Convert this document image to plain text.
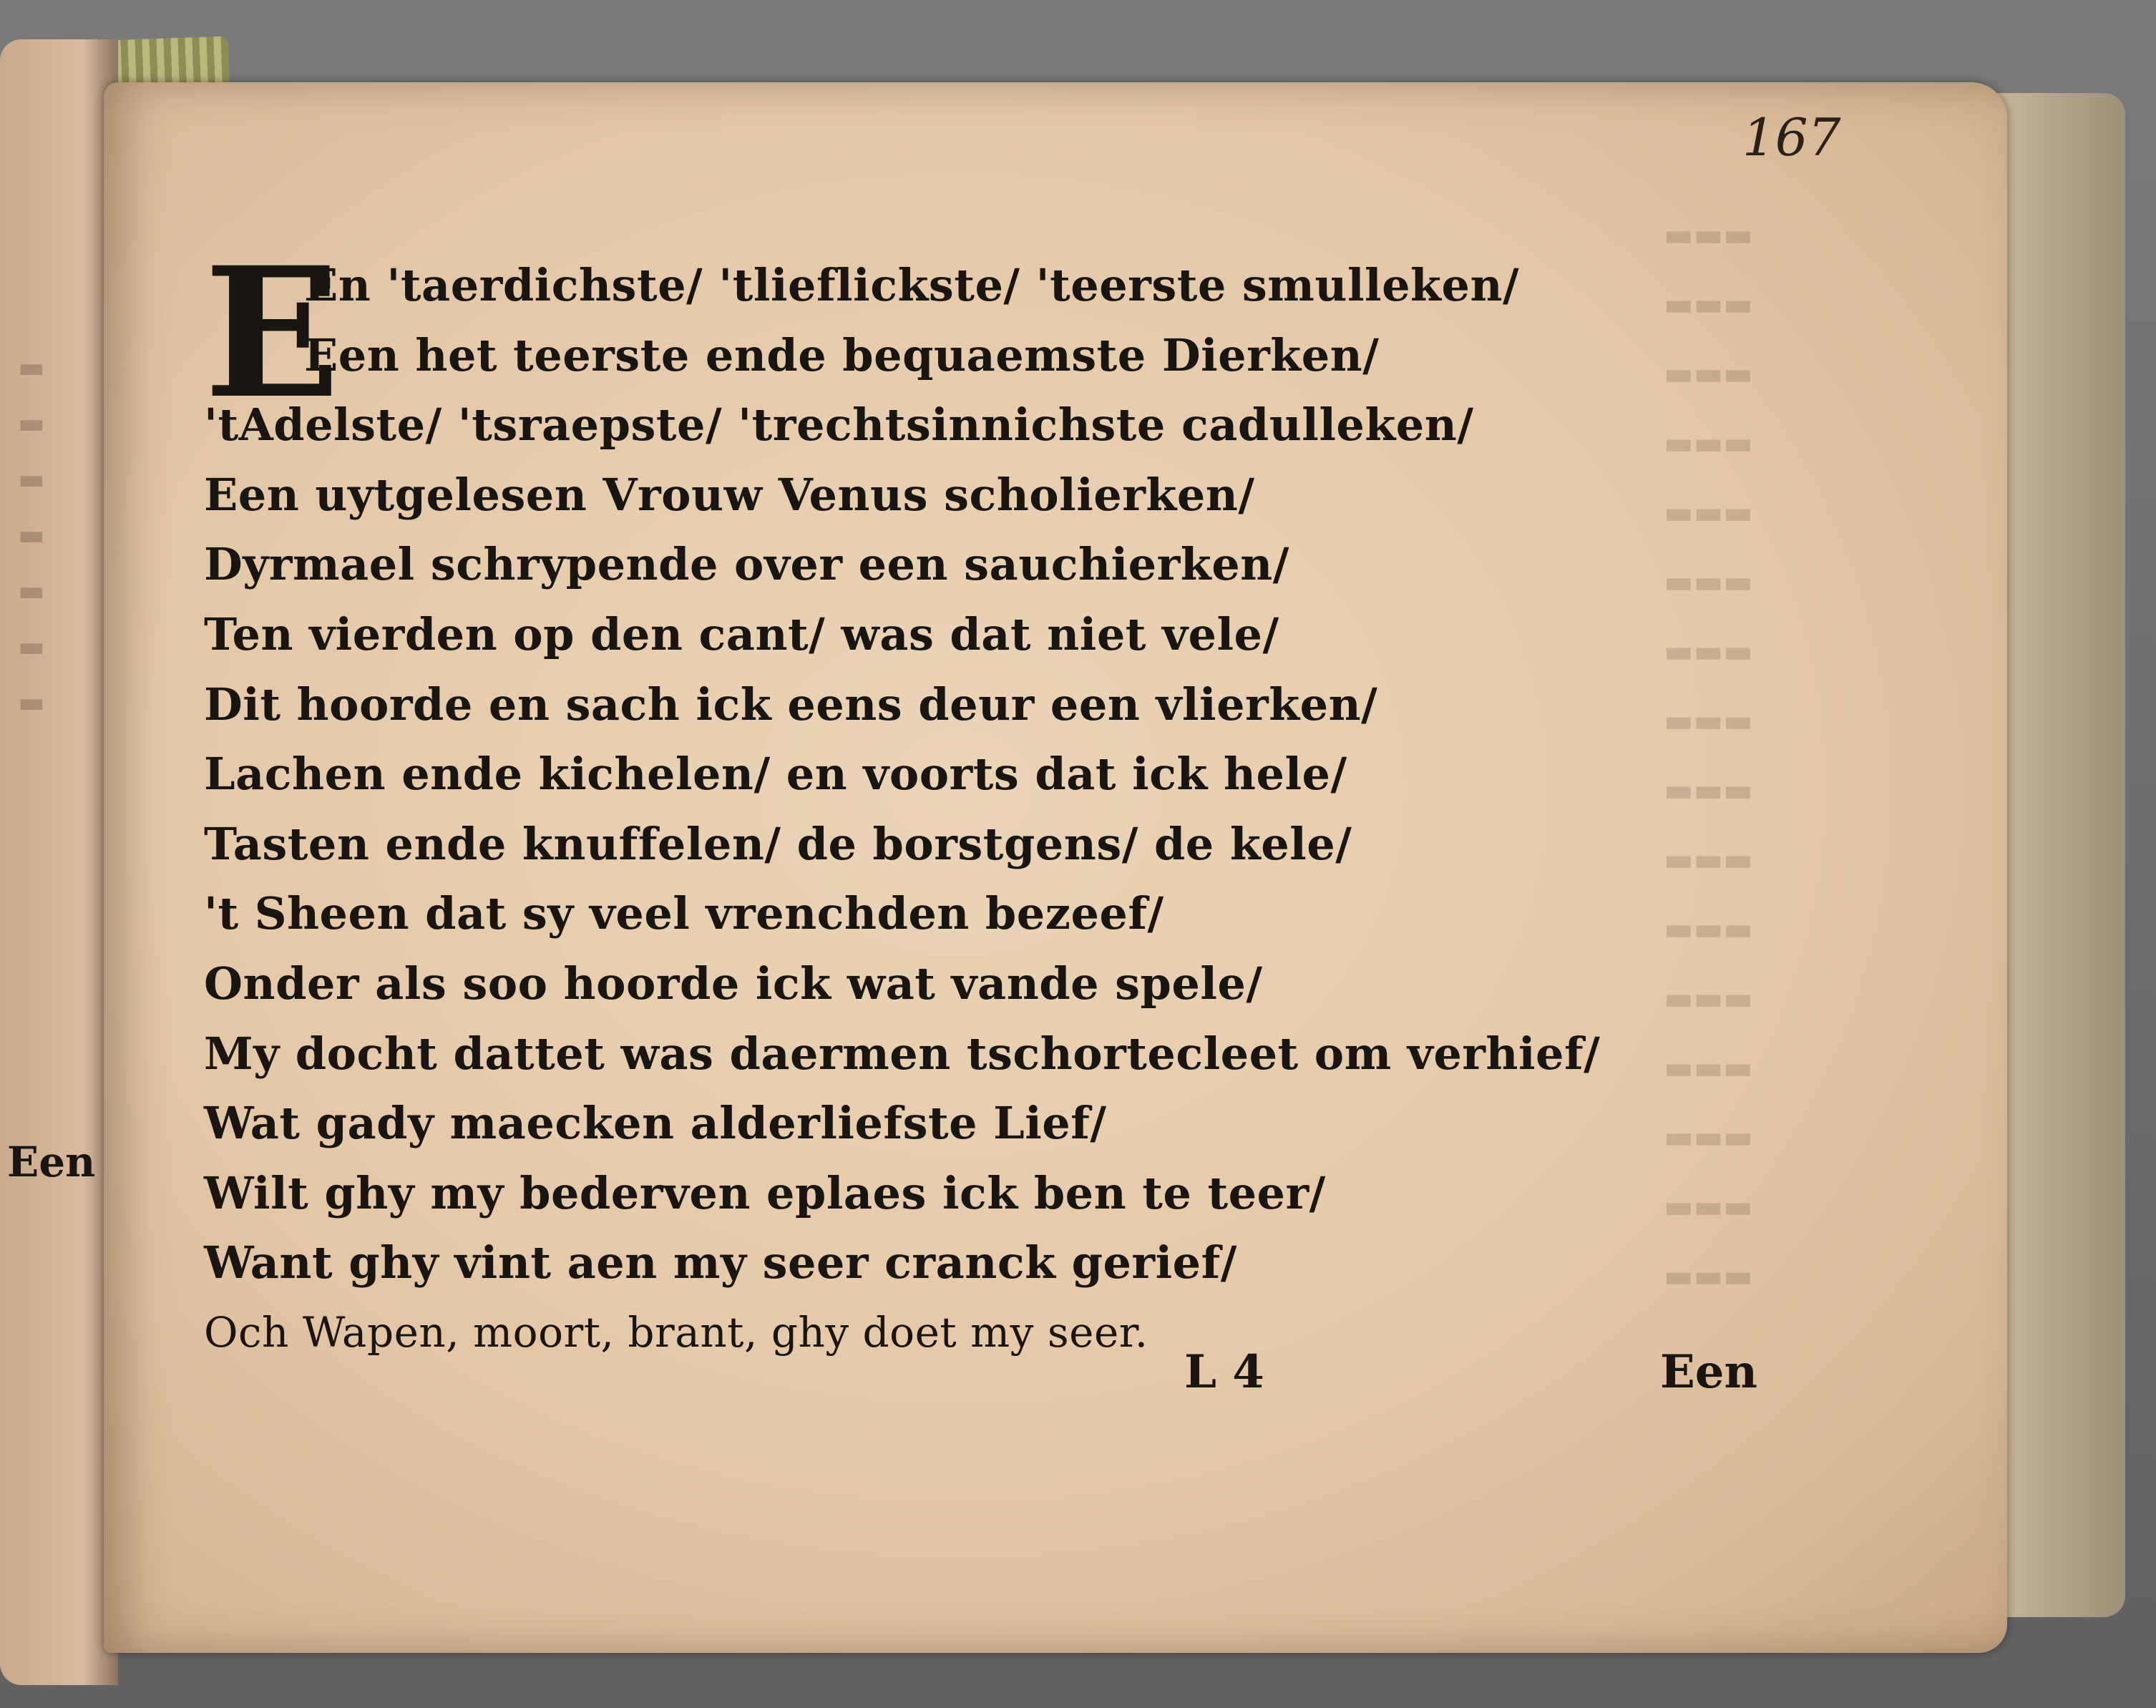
▬
▬
▬
▬
▬
▬
▬
Een
▬▬▬
▬▬▬
▬▬▬
▬▬▬
▬▬▬
▬▬▬
▬▬▬
▬▬▬
▬▬▬
▬▬▬
▬▬▬
▬▬▬
▬▬▬
▬▬▬
▬▬▬
▬▬▬
167
E
En 'taerdichste/ 'tlieflickste/ 'teerste smulleken/
Een het teerste ende bequaemste Dierken/
'tAdelste/ 'tsraepste/ 'trechtsinnichste cadulleken/
Een uytgelesen Vrouw Venus scholierken/
Dyrmael schrypende over een sauchierken/
Ten vierden op den cant/ was dat niet vele/
Dit hoorde en sach ick eens deur een vlierken/
Lachen ende kichelen/ en voorts dat ick hele/
Tasten ende knuffelen/ de borstgens/ de kele/
't Sheen dat sy veel vrenchden bezeef/
Onder als soo hoorde ick wat vande spele/
My docht dattet was daermen tschortecleet om verhief/
Wat gady maecken alderliefste Lief/
Wilt ghy my bederven eplaes ick ben te teer/
Want ghy vint aen my seer cranck gerief/
Och Wapen, moort, brant, ghy doet my seer.
L 4	Een
